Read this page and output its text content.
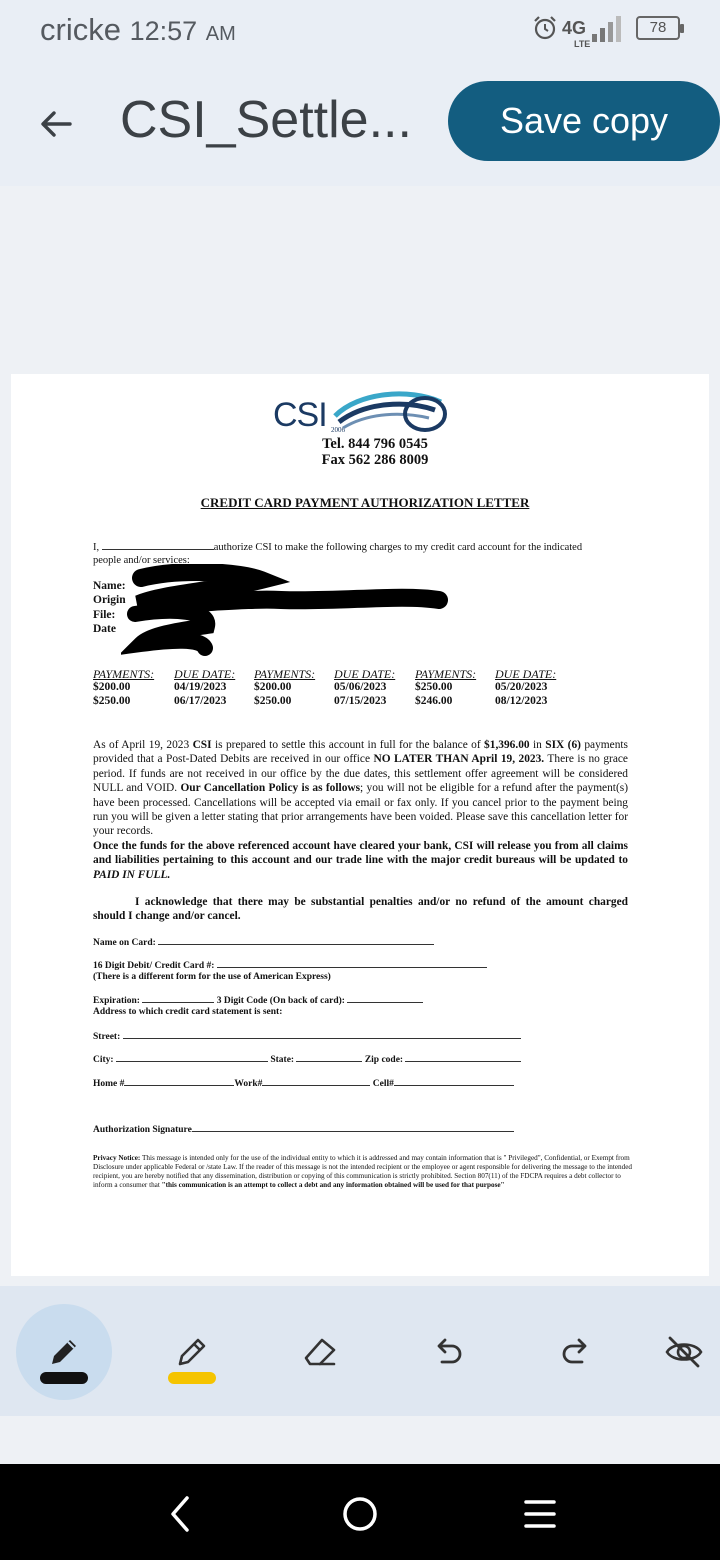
cricke 12:57 AM	4G
LTE
78
CSI_Settle...	Save copy
CSI 2006
Tel. 844 796 0545
Fax 562 286 8009
CREDIT CARD PAYMENT AUTHORIZATION LETTER
I,	authorize CSI to make the following charges to my credit card account for the indicated
people and/or services:
Name:
Origin
File:
Date
PAYMENTS: DUE DATE: PAYMENTS: DUE DATE: PAYMENTS: DUE DATE:
$200.00	04/19/2023 $200.00	05/06/2023 $250.00	05/20/2023
$250.00	06/17/2023 $250.00	07/15/2023 $246.00	08/12/2023
As of April 19, 2023 CSI is prepared to settle this account in full for the balance of $1,396.00 in SIX (6) payments provided that a Post-Dated Debits are received in our office NO LATER THAN April 19, 2023. There is no grace period. If funds are not received in our office by the due dates, this settlement offer agreement will be considered NULL and VOID. Our Cancellation Policy is as follows; you will not be eligible for a refund after the payment(s) have been processed. Cancellations will be accepted via email or fax only. If you cancel prior to the payment being run you will be given a letter stating that prior arrangements have been voided. Please save this cancellation letter for your records.
Once the funds for the above referenced account have cleared your bank, CSI will release you from all claims and liabilities pertaining to this account and our trade line with the major credit bureaus will be updated to PAID IN FULL.
I acknowledge that there may be substantial penalties and/or no refund of the amount charged should I change and/or cancel.
Name on Card:
16 Digit Debit/ Credit Card #:
(There is a different form for the use of American Express)
Expiration:	3 Digit Code (On back of card):
Address to which credit card statement is sent:
Street:
City:	State:	Zip code:
Home #	Work#	Cell#
Authorization Signature
Privacy Notice: This message is intended only for the use of the individual entity to which it is addressed and may contain information that is " Privileged", Confidential, or Exempt from Disclosure under applicable Federal or /state Law. If the reader of this message is not the intended recipient or the employee or agent responsible for delivering the message to the intended recipient, you are hereby notified that any dissemination, distribution or copying of this communication is strictly prohibited. Section 807(11) of the FDCPA requires a debt collector to inform a consumer that "this communication is an attempt to collect a debt and any information obtained will be used for that purpose"
